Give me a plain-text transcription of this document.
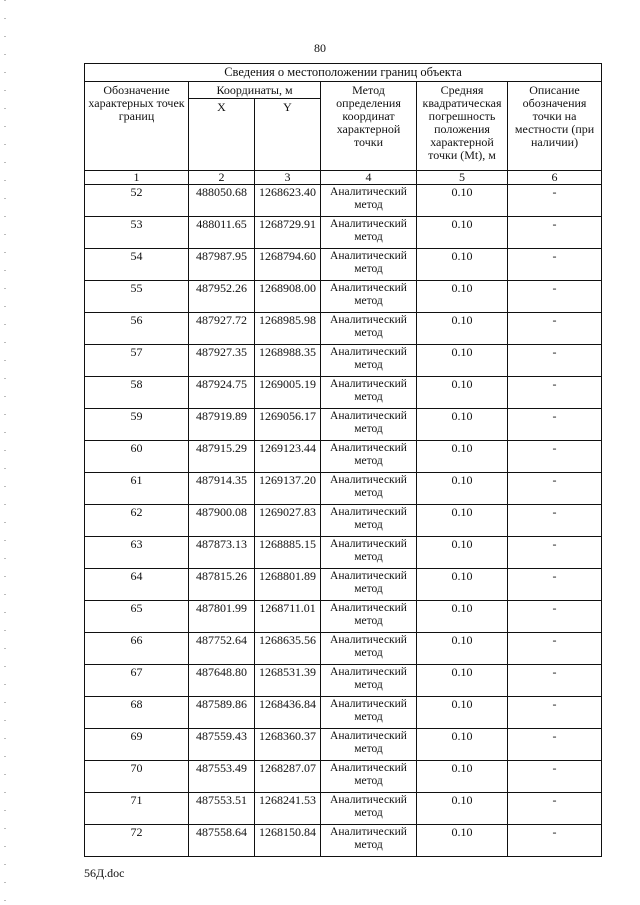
80
Сведения о местоположении границ объекта					
Обозначение характерных точек границ	Координаты, м		Метод определения координат характерной точки	Средняя квадратическая погрешность положения характерной точки (Mt), м	Описание обозначения точки на местности (при наличии)
	X	Y			
1	2	3	4	5	6
52	488050.68	1268623.40	Аналитический метод	0.10	-
53	488011.65	1268729.91	Аналитический метод	0.10	-
54	487987.95	1268794.60	Аналитический метод	0.10	-
55	487952.26	1268908.00	Аналитический метод	0.10	-
56	487927.72	1268985.98	Аналитический метод	0.10	-
57	487927.35	1268988.35	Аналитический метод	0.10	-
58	487924.75	1269005.19	Аналитический метод	0.10	-
59	487919.89	1269056.17	Аналитический метод	0.10	-
60	487915.29	1269123.44	Аналитический метод	0.10	-
61	487914.35	1269137.20	Аналитический метод	0.10	-
62	487900.08	1269027.83	Аналитический метод	0.10	-
63	487873.13	1268885.15	Аналитический метод	0.10	-
64	487815.26	1268801.89	Аналитический метод	0.10	-
65	487801.99	1268711.01	Аналитический метод	0.10	-
66	487752.64	1268635.56	Аналитический метод	0.10	-
67	487648.80	1268531.39	Аналитический метод	0.10	-
68	487589.86	1268436.84	Аналитический метод	0.10	-
69	487559.43	1268360.37	Аналитический метод	0.10	-
70	487553.49	1268287.07	Аналитический метод	0.10	-
71	487553.51	1268241.53	Аналитический метод	0.10	-
72	487558.64	1268150.84	Аналитический метод	0.10	-
56Д.doc
